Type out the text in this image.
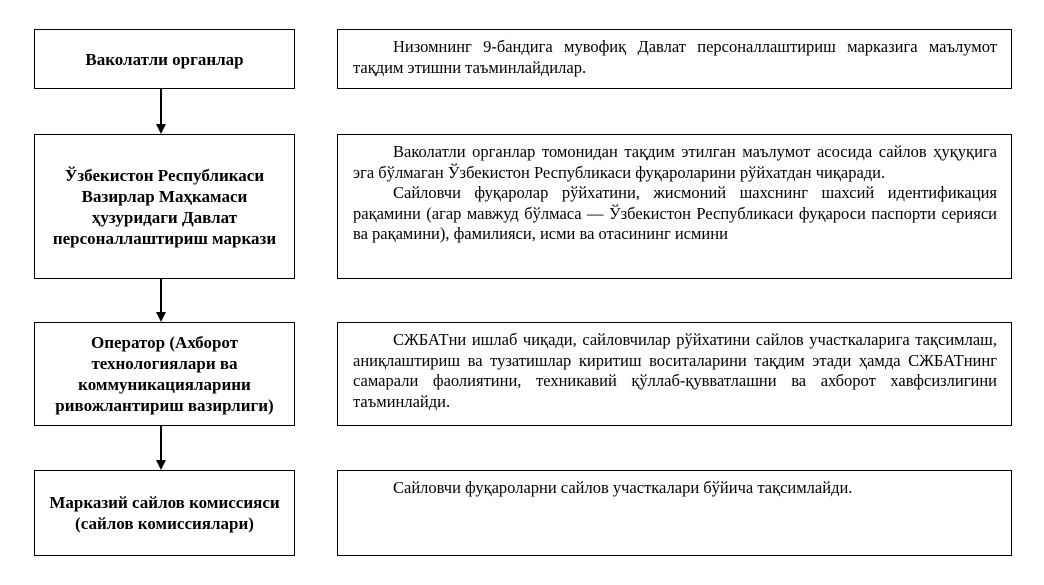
Ваколатли органлар
Низомнинг 9-бандига мувофиқ Давлат персоналлаштириш марказига маълумот тақдим этишни таъминлайдилар.
Ўзбекистон Республикаси Вазирлар Маҳкамаси ҳузуридаги Давлат персоналлаштириш маркази
Ваколатли органлар томонидан тақдим этилган маълумот асосида сайлов ҳуқуқига эга бўлмаган Ўзбекистон Республикаси фуқароларини рўйхатдан чиқаради.
Сайловчи фуқаролар рўйхатини, жисмоний шахснинг шахсий идентификация рақамини (агар мавжуд бўлмаса — Ўзбекистон Республикаси фуқароси паспорти серияси ва рақамини), фамилияси, исми ва отасининг исмини
Оператор (Ахборот технологиялари ва коммуникацияларини ривожлантириш вазирлиги)
СЖБАТни ишлаб чиқади, сайловчилар рўйхатини сайлов участкаларига тақсимлаш, аниқлаштириш ва тузатишлар киритиш воситаларини тақдим этади ҳамда СЖБАТнинг самарали фаолиятини, техникавий қўллаб-қувватлашни ва ахборот хавфсизлигини таъминлайди.
Марказий сайлов комиссияси (сайлов комиссиялари)
Сайловчи фуқароларни сайлов участкалари бўйича тақсимлайди.
